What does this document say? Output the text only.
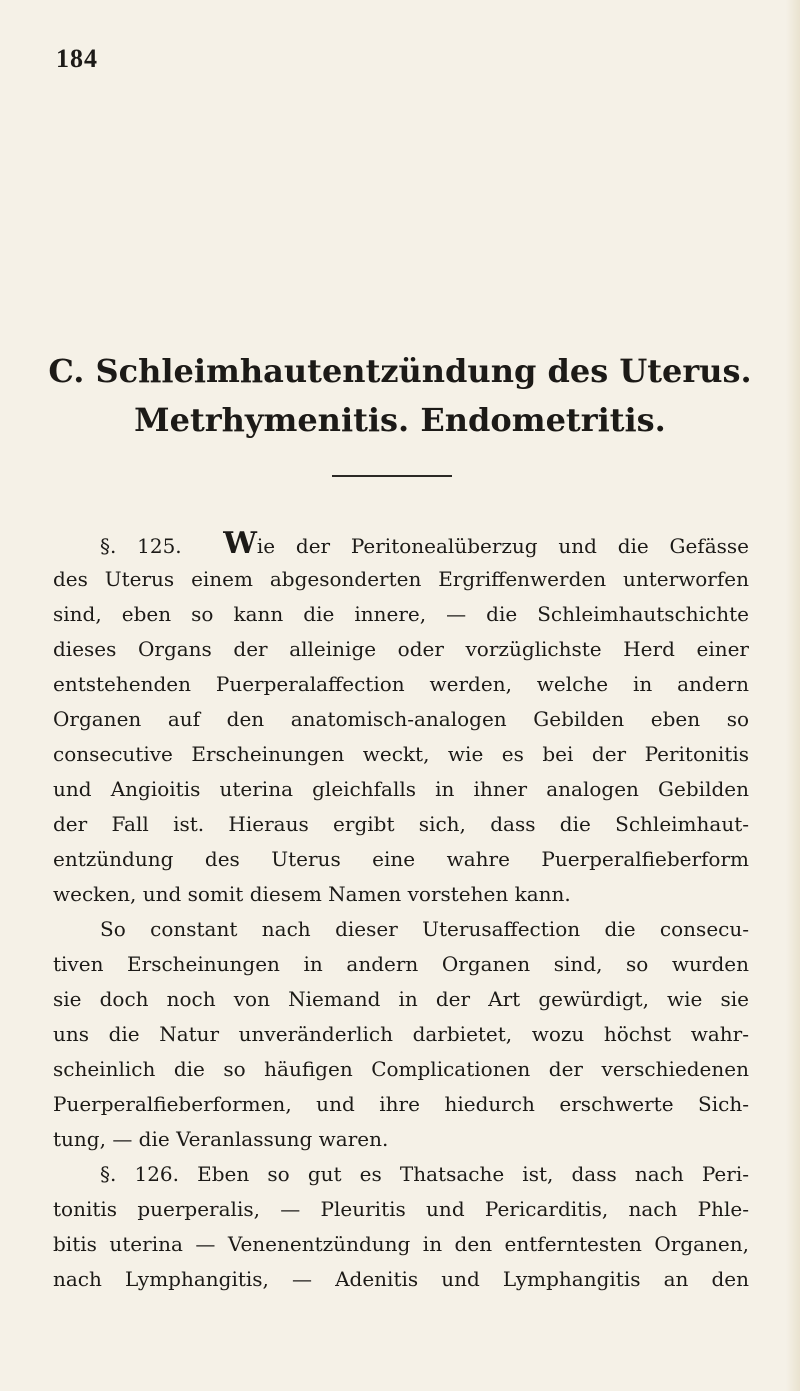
184
C. Schleimhautentzündung des Uterus.
Metrhymenitis. Endometritis.
§. 125. Wie der Peritonealüberzug und die Gefässe
des Uterus einem abgesonderten Ergriffenwerden unterworfen
sind, eben so kann die innere, — die Schleimhautschichte
dieses Organs der alleinige oder vorzüglichste Herd einer
entstehenden Puerperalaffection werden, welche in andern
Organen auf den anatomisch-analogen Gebilden eben so
consecutive Erscheinungen weckt, wie es bei der Peritonitis
und Angioitis uterina gleichfalls in ihner analogen Gebilden
der Fall ist. Hieraus ergibt sich, dass die Schleimhaut-
entzündung des Uterus eine wahre Puerperalfieberform
wecken, und somit diesem Namen vorstehen kann.
So constant nach dieser Uterusaffection die consecu-
tiven Erscheinungen in andern Organen sind, so wurden
sie doch noch von Niemand in der Art gewürdigt, wie sie
uns die Natur unveränderlich darbietet, wozu höchst wahr-
scheinlich die so häufigen Complicationen der verschiedenen
Puerperalfieberformen, und ihre hiedurch erschwerte Sich-
tung, — die Veranlassung waren.
§. 126. Eben so gut es Thatsache ist, dass nach Peri-
tonitis puerperalis, — Pleuritis und Pericarditis, nach Phle-
bitis uterina — Venenentzündung in den entferntesten Organen,
nach Lymphangitis, — Adenitis und Lymphangitis an den
